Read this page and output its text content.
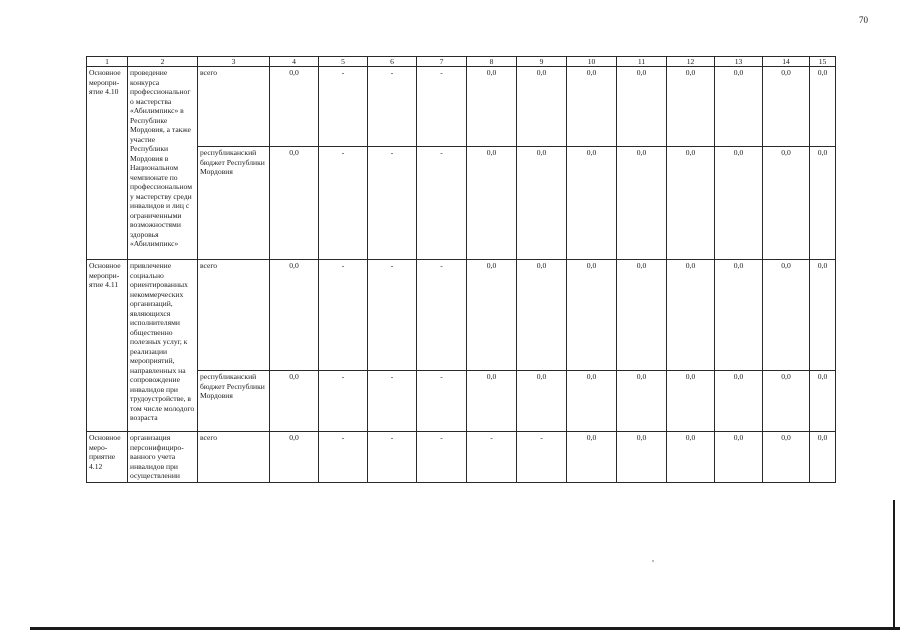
70
1	2	3	4	5	6	7	8	9	10	11	12	13	14	15
Основное меропри-ятие 4.10	проведение конкурса профессиональног о мастерства «Абилимпикс» в Республике Мордовия, а также участие Республики Мордовия в Национальном чемпионате по профессиональном у мастерству среди инвалидов и лиц с ограниченными возможностями здоровья «Абилимпикс»	всего	0,0	-	-	-	0,0	0,0	0,0	0,0	0,0	0,0	0,0	0,0
		республиканский бюджет Республики Мордовия	0,0	-	-	-	0,0	0,0	0,0	0,0	0,0	0,0	0,0	0,0
Основное меропри-ятие 4.11	привлечение социально ориентированных некоммерческих организаций, являющихся исполнителями общественно полезных услуг, к реализации мероприятий, направленных на сопровождение инвалидов при трудоустройстве, в том числе молодого возраста	всего	0,0	-	-	-	0,0	0,0	0,0	0,0	0,0	0,0	0,0	0,0
		республиканский бюджет Республики Мордовия	0,0	-	-	-	0,0	0,0	0,0	0,0	0,0	0,0	0,0	0,0
Основное меро-приятие 4.12	организация персонифициро-ванного учета инвалидов при осуществлении	всего	0,0	-	-	-	-	-	0,0	0,0	0,0	0,0	0,0	0,0
